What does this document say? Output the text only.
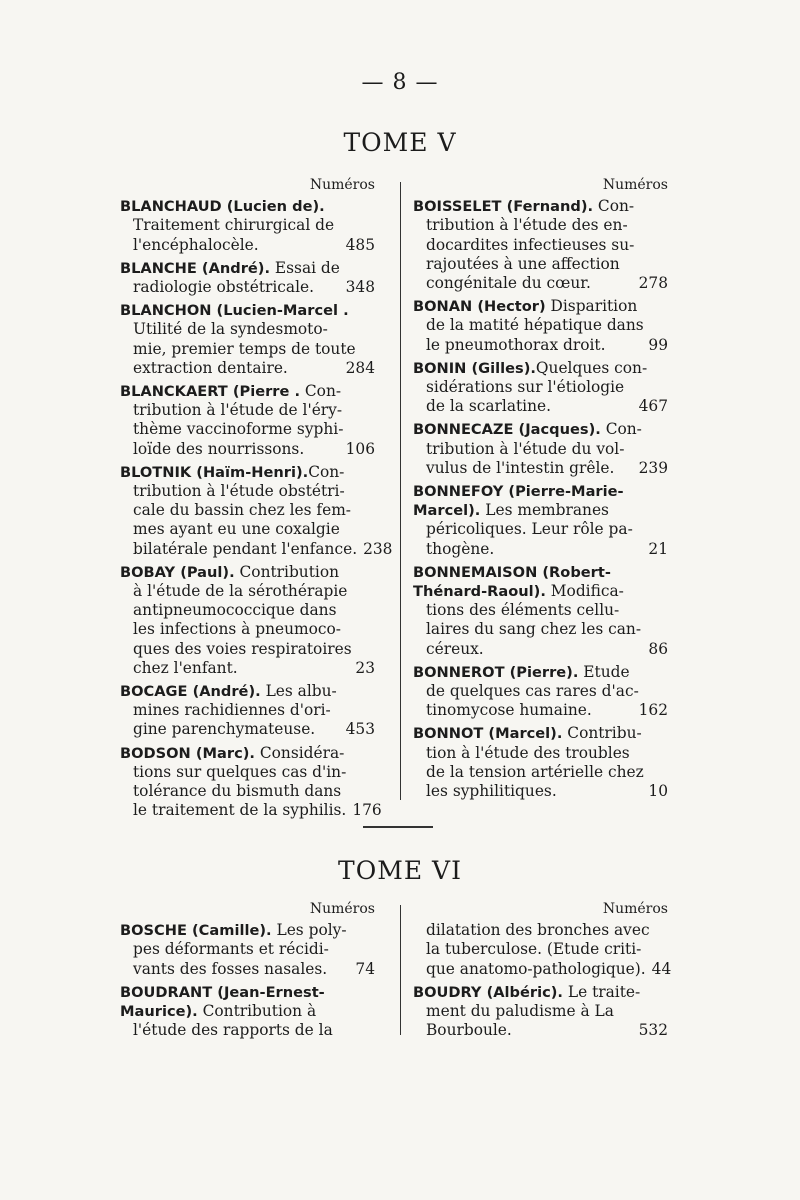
— 8 —
TOME V
Numéros
BLANCHAUD (Lucien de).
Traitement chirurgical de
l'encéphalocèle.	485
BLANCHE (André). Essai de
radiologie obstétricale.	348
BLANCHON (Lucien-Marcel .
Utilité de la syndesmoto-
mie, premier temps de toute
extraction dentaire.	284
BLANCKAERT (Pierre . Con-
tribution à l'étude de l'éry-
thème vaccinoforme syphi-
loïde des nourrissons.	106
BLOTNIK (Haïm-Henri).Con-
tribution à l'étude obstétri-
cale du bassin chez les fem-
mes ayant eu une coxalgie
bilatérale pendant l'enfance. 238
BOBAY (Paul). Contribution
à l'étude de la sérothérapie
antipneumococcique dans
les infections à pneumoco-
ques des voies respiratoires
chez l'enfant.	23
BOCAGE (André). Les albu-
mines rachidiennes d'ori-
gine parenchymateuse.	453
BODSON (Marc). Considéra-
tions sur quelques cas d'in-
tolérance du bismuth dans
le traitement de la syphilis. 176
Numéros
BOISSELET (Fernand). Con-
tribution à l'étude des en-
docardites infectieuses su-
rajoutées à une affection
congénitale du cœur.	278
BONAN (Hector) Disparition
de la matité hépatique dans
le pneumothorax droit.	99
BONIN (Gilles).Quelques con-
sidérations sur l'étiologie
de la scarlatine.	467
BONNECAZE (Jacques). Con-
tribution à l'étude du vol-
vulus de l'intestin grêle.	239
BONNEFOY (Pierre-Marie-
Marcel). Les membranes
péricoliques. Leur rôle pa-
thogène.	21
BONNEMAISON (Robert-
Thénard-Raoul). Modifica-
tions des éléments cellu-
laires du sang chez les can-
céreux.	86
BONNEROT (Pierre). Etude
de quelques cas rares d'ac-
tinomycose humaine.	162
BONNOT (Marcel). Contribu-
tion à l'étude des troubles
de la tension artérielle chez
les syphilitiques.	10
TOME VI
Numéros
BOSCHE (Camille). Les poly-
pes déformants et récidi-
vants des fosses nasales.	74
BOUDRANT (Jean-Ernest-
Maurice). Contribution à
l'étude des rapports de la
Numéros
dilatation des bronches avec
la tuberculose. (Etude criti-
que anatomo-pathologique). 44
BOUDRY (Albéric). Le traite-
ment du paludisme à La
Bourboule.	532
